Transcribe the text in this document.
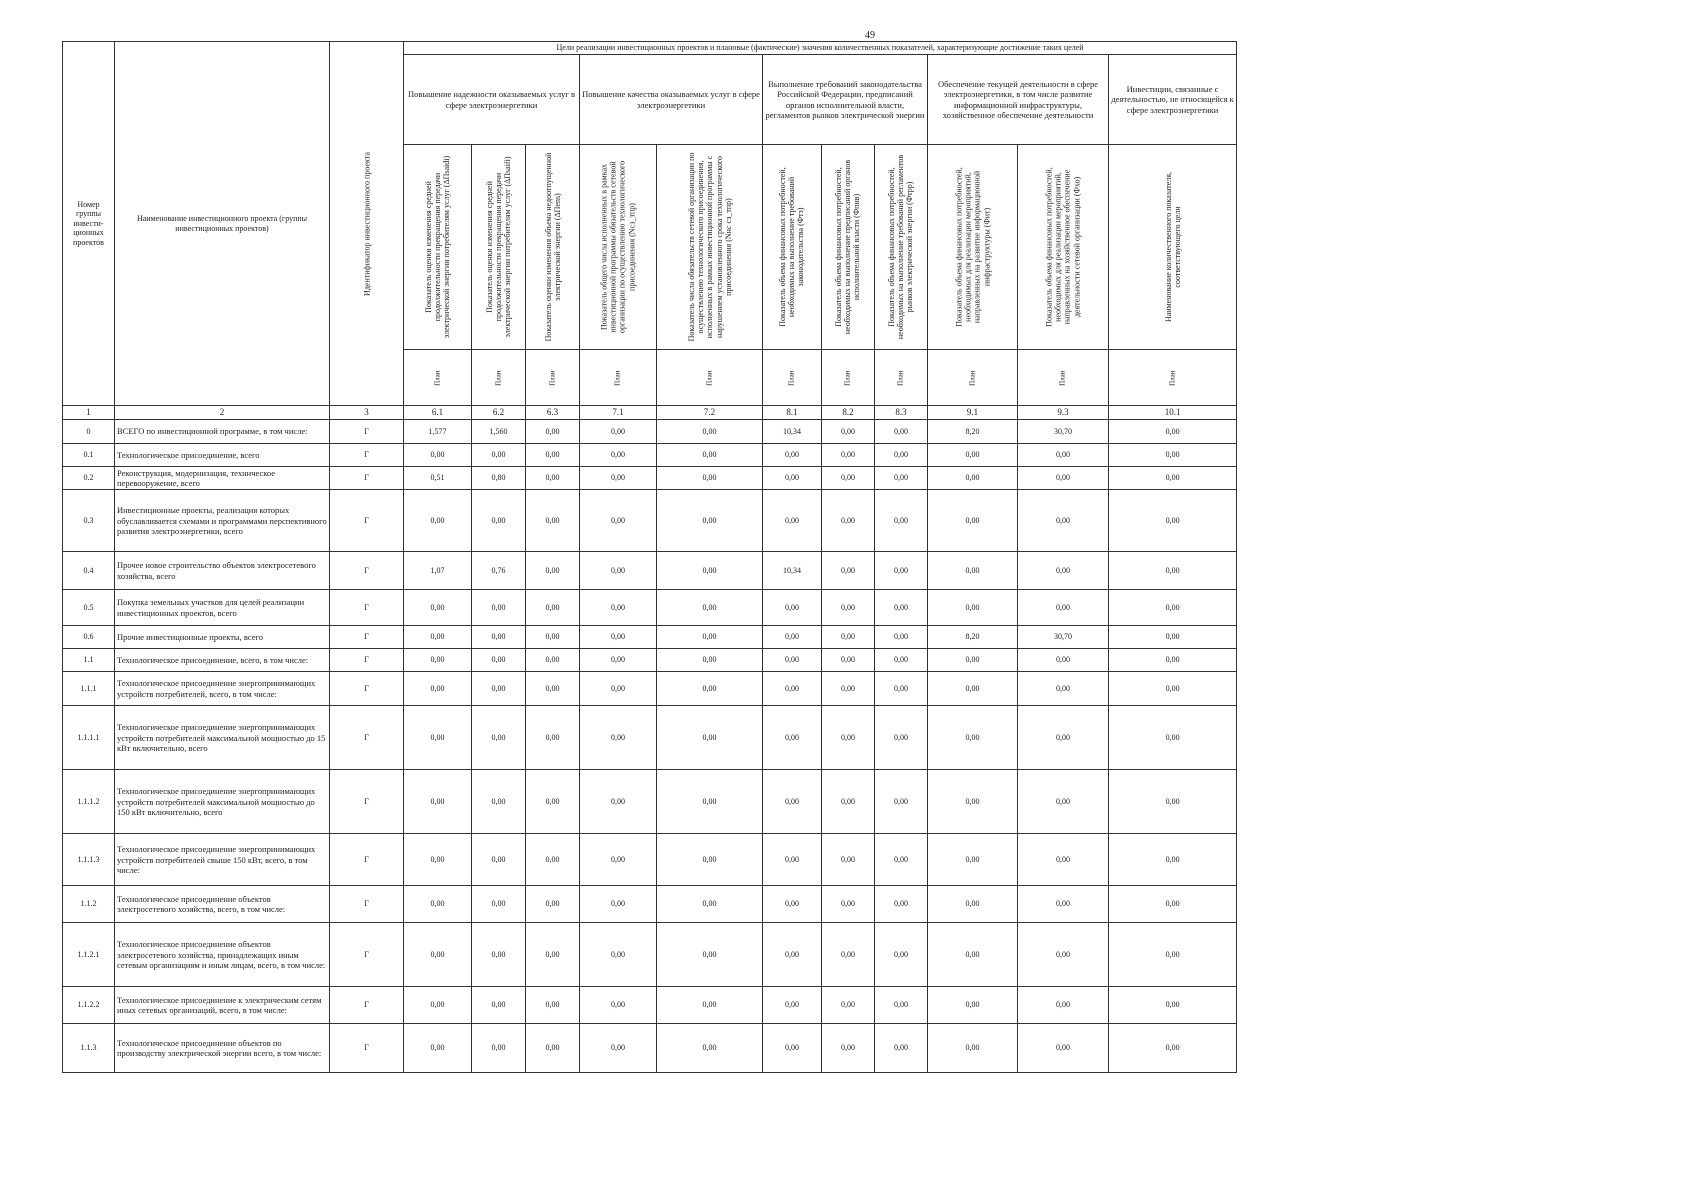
49
Номер группы инвести-ционных проектов	Наименование инвестиционного проекта (группы инвестиционных проектов)	Идентификатор инвестиционного проекта	Цели реализации инвестиционных проектов и плановые (фактические) значения количественных показателей, характеризующие достижение таких целей										
			Повышение надежности оказываемых услуг в сфере электроэнергетики			Повышение качества оказываемых услуг в сфере электроэнергетики		Выполнение требований законодательства Российской Федерации, предписаний органов исполнительной власти, регламентов рынков электрической энергии			Обеспечение текущей деятельности в сфере электроэнергетики, в том числе развитие информационной инфраструктуры, хозяйственное обеспечение деятельности		Инвестиции, связанные с деятельностью, не относящейся к сфере электроэнергетики

			Показатель оценки изменения средней продолжительности прекращения передачи электрической энергии потребителям услуг (ΔПsaidi)	Показатель оценки изменения средней продолжительности прекращения передачи электрической энергии потребителям услуг (ΔПsaifi)	Показатель оценки изменения объема недоотпущенной электрической энергии (ΔПens)	Показатель общего числа исполненных в рамках инвестиционной программы обязательств сетевой организации по осуществлению технологического присоединения (Nсз_тпр)	Показатель числа обязательств сетевой организации по осуществлению технологического присоединения, исполненных в рамках инвестиционной программы с нарушением установленного срока технологического присоединения (Nнс сз_тпр)	Показатель объема финансовых потребностей, необходимых на выполнение требований законодательства (Фтз)	Показатель объема финансовых потребностей, необходимых на выполнение предписаний органов исполнительной власти (Фпив)	Показатель объема финансовых потребностей, необходимых на выполнение требований регламентов рынков электрической энергии (Фтрр)	Показатель объема финансовых потребностей, необходимых для реализации мероприятий, направленных на развитие информационной инфраструктуры (Фит)	Показатель объема финансовых потребностей, необходимых для реализации мероприятий, направленных на хозяйственное обеспечение деятельности сетевой организации (Фхо)	Наименование количественного показателя, соответствующего цели

			План	План	План	План	План	План	План	План	План	План	План
1	2	3	6.1	6.2	6.3	7.1	7.2	8.1	8.2	8.3	9.1	9.3	10.1
0	ВСЕГО по инвестиционной программе, в том числе:	Г	1,577	1,560	0,00	0,00	0,00	10,34	0,00	0,00	8,20	30,70	0,00
0.1	Технологическое присоединение, всего	Г	0,00	0,00	0,00	0,00	0,00	0,00	0,00	0,00	0,00	0,00	0,00
0.2	Реконструкция, модернизация, техническое перевооружение, всего	Г	0,51	0,80	0,00	0,00	0,00	0,00	0,00	0,00	0,00	0,00	0,00
0.3	Инвестиционные проекты, реализация которых обуславливается схемами и программами перспективного развития электроэнергетики, всего	Г	0,00	0,00	0,00	0,00	0,00	0,00	0,00	0,00	0,00	0,00	0,00
0.4	Прочее новое строительство объектов электросетевого хозяйства, всего	Г	1,07	0,76	0,00	0,00	0,00	10,34	0,00	0,00	0,00	0,00	0,00
0.5	Покупка земельных участков для целей реализации инвестиционных проектов, всего	Г	0,00	0,00	0,00	0,00	0,00	0,00	0,00	0,00	0,00	0,00	0,00
0.6	Прочие инвестиционные проекты, всего	Г	0,00	0,00	0,00	0,00	0,00	0,00	0,00	0,00	8,20	30,70	0,00
1.1	Технологическое присоединение, всего, в том числе:	Г	0,00	0,00	0,00	0,00	0,00	0,00	0,00	0,00	0,00	0,00	0,00
1.1.1	Технологическое присоединение энергопринимающих устройств потребителей, всего, в том числе:	Г	0,00	0,00	0,00	0,00	0,00	0,00	0,00	0,00	0,00	0,00	0,00
1.1.1.1	Технологическое присоединение энергопринимающих устройств потребителей максимальной мощностью до 15 кВт включительно, всего	Г	0,00	0,00	0,00	0,00	0,00	0,00	0,00	0,00	0,00	0,00	0,00
1.1.1.2	Технологическое присоединение энергопринимающих устройств потребителей максимальной мощностью до 150 кВт включительно, всего	Г	0,00	0,00	0,00	0,00	0,00	0,00	0,00	0,00	0,00	0,00	0,00
1.1.1.3	Технологическое присоединение энергопринимающих устройств потребителей свыше 150 кВт, всего, в том числе:	Г	0,00	0,00	0,00	0,00	0,00	0,00	0,00	0,00	0,00	0,00	0,00
1.1.2	Технологическое присоединение объектов электросетевого хозяйства, всего, в том числе:	Г	0,00	0,00	0,00	0,00	0,00	0,00	0,00	0,00	0,00	0,00	0,00
1.1.2.1	Технологическое присоединение объектов электросетевого хозяйства, принадлежащих иным сетевым организациям и иным лицам, всего, в том числе:	Г	0,00	0,00	0,00	0,00	0,00	0,00	0,00	0,00	0,00	0,00	0,00
1.1.2.2	Технологическое присоединение к электрическим сетям иных сетевых организаций, всего, в том числе:	Г	0,00	0,00	0,00	0,00	0,00	0,00	0,00	0,00	0,00	0,00	0,00
1.1.3	Технологическое присоединение объектов по производству электрической энергии всего, в том числе:	Г	0,00	0,00	0,00	0,00	0,00	0,00	0,00	0,00	0,00	0,00	0,00
